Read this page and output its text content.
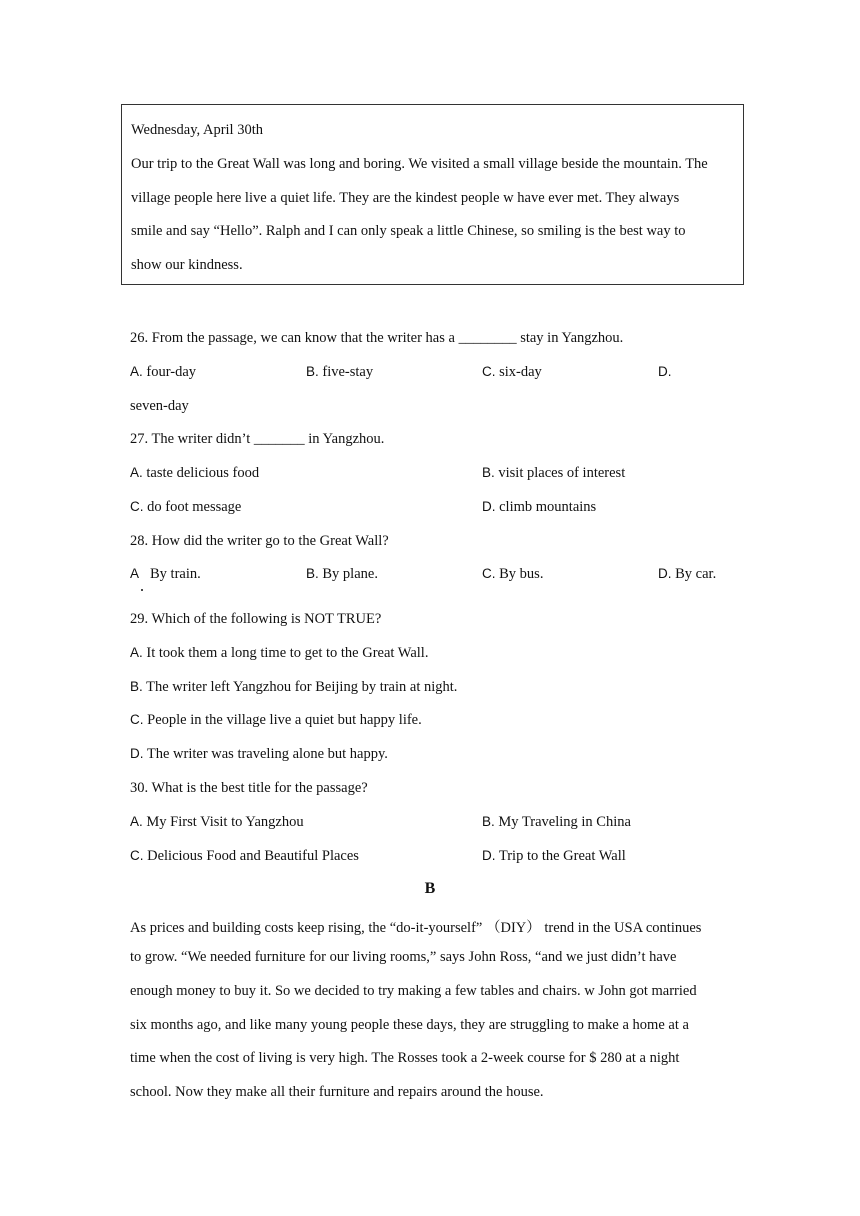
Wednesday, April 30th
Our trip to the Great Wall was long and boring. We visited a small village beside the mountain. The
village people here live a quiet life. They are the kindest people w have ever met. They always
smile and say “Hello”. Ralph and I can only speak a little Chinese, so smiling is the best way to
show our kindness.
26. From the passage, we can know that the writer has a ________ stay in Yangzhou.
A. four-day	B. five-stay	C. six-day	D.
seven-day
27. The writer didn’t _______ in Yangzhou.
A. taste delicious food	B. visit places of interest
C. do foot message	D. climb mountains
28. How did the writer go to the Great Wall?
A By train.	B. By plane.	C. By bus.	D. By car.
29. Which of the following is NOT TRUE?
A. It took them a long time to get to the Great Wall.
B. The writer left Yangzhou for Beijing by train at night.
C. People in the village live a quiet but happy life.
D. The writer was traveling alone but happy.
30. What is the best title for the passage?
A. My First Visit to Yangzhou	B. My Traveling in China
C. Delicious Food and Beautiful Places	D. Trip to the Great Wall
B
As prices and building costs keep rising, the “do-it-yourself” （DIY） trend in the USA continues
to grow. “We needed furniture for our living rooms,” says John Ross, “and we just didn’t have
enough money to buy it. So we decided to try making a few tables and chairs. w John got married
six months ago, and like many young people these days, they are struggling to make a home at a
time when the cost of living is very high. The Rosses took a 2-week course for $ 280 at a night
school. Now they make all their furniture and repairs around the house.
